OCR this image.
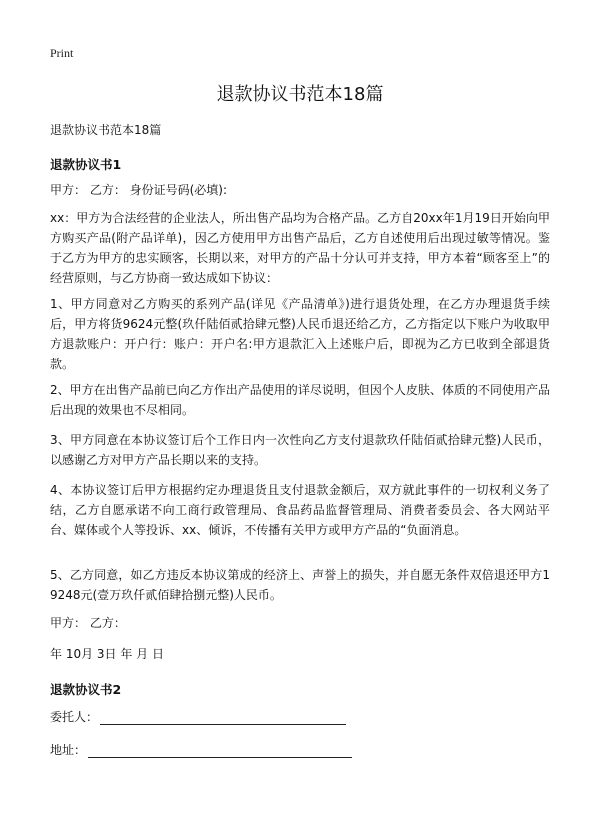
Print
退款协议书范本18篇
退款协议书范本18篇
退款协议书1
甲方： 乙方： 身份证号码(必填):
xx：甲方为合法经营的企业法人，所出售产品均为合格产品。乙方自20xx年1月19日开始向甲方购买产品(附产品详单)，因乙方使用甲方出售产品后，乙方自述使用后出现过敏等情况。鉴于乙方为甲方的忠实顾客，长期以来，对甲方的产品十分认可并支持，甲方本着“顾客至上”的经营原则，与乙方协商一致达成如下协议：
1、甲方同意对乙方购买的系列产品(详见《产品清单》)进行退货处理，在乙方办理退货手续后，甲方将货9624元整(玖仟陆佰贰拾肆元整)人民币退还给乙方，乙方指定以下账户为收取甲方退款账户：开户行：账户：开户名:甲方退款汇入上述账户后，即视为乙方已收到全部退货款。
2、甲方在出售产品前已向乙方作出产品使用的详尽说明，但因个人皮肤、体质的不同使用产品后出现的效果也不尽相同。
3、甲方同意在本协议签订后个工作日内一次性向乙方支付退款玖仟陆佰贰拾肆元整)人民币，以感谢乙方对甲方产品长期以来的支持。
4、本协议签订后甲方根据约定办理退货且支付退款金额后，双方就此事件的一切权利义务了结，乙方自愿承诺不向工商行政管理局、食品药品监督管理局、消费者委员会、各大网站平台、媒体或个人等投诉、xx、倾诉，不传播有关甲方或甲方产品的“负面消息。
5、乙方同意，如乙方违反本协议第成的经济上、声誉上的损失，并自愿无条件双倍退还甲方19248元(壹万玖仟贰佰肆拾捌元整)人民币。
甲方： 乙方：
年 10月 3日 年 月 日
退款协议书2
委托人：
地址：
